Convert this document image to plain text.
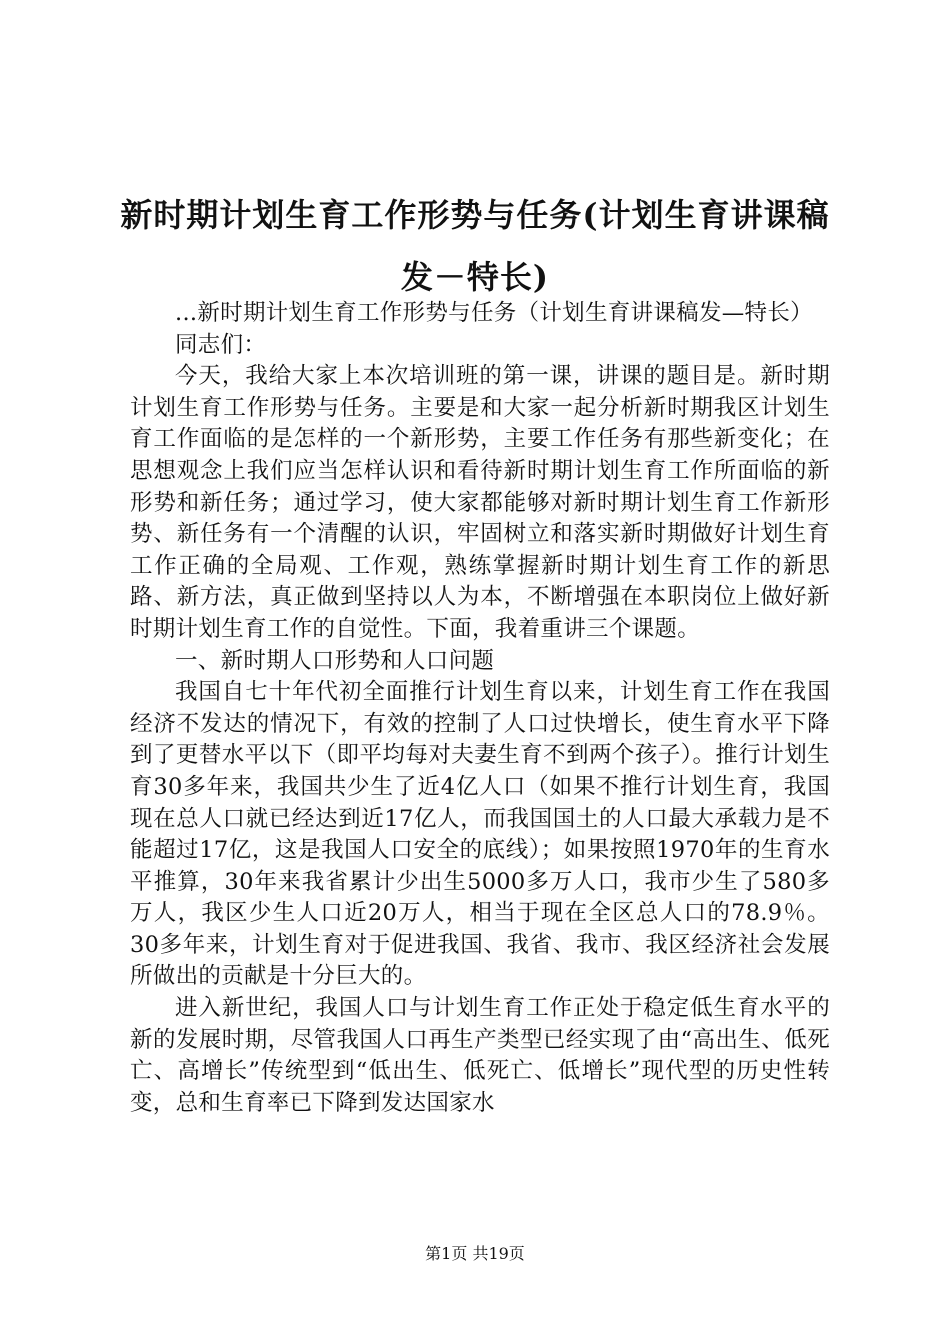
新时期计划生育工作形势与任务(计划生育讲课稿发－特长)

...新时期计划生育工作形势与任务（计划生育讲课稿发—特长）

同志们：

今天，我给大家上本次培训班的第一课，讲课的题目是。新时期计划生育工作形势与任务。主要是和大家一起分析新时期我区计划生育工作面临的是怎样的一个新形势，主要工作任务有那些新变化；在思想观念上我们应当怎样认识和看待新时期计划生育工作所面临的新形势和新任务；通过学习，使大家都能够对新时期计划生育工作新形势、新任务有一个清醒的认识，牢固树立和落实新时期做好计划生育工作正确的全局观、工作观，熟练掌握新时期计划生育工作的新思路、新方法，真正做到坚持以人为本，不断增强在本职岗位上做好新时期计划生育工作的自觉性。下面，我着重讲三个课题。

一、新时期人口形势和人口问题

我国自七十年代初全面推行计划生育以来，计划生育工作在我国经济不发达的情况下，有效的控制了人口过快增长，使生育水平下降到了更替水平以下（即平均每对夫妻生育不到两个孩子）。推行计划生育30多年来，我国共少生了近4亿人口（如果不推行计划生育，我国现在总人口就已经达到近17亿人，而我国国土的人口最大承载力是不能超过17亿，这是我国人口安全的底线）；如果按照1970年的生育水平推算，30年来我省累计少出生5000多万人口，我市少生了580多万人，我区少生人口近20万人，相当于现在全区总人口的78.9％。30多年来，计划生育对于促进我国、我省、我市、我区经济社会发展所做出的贡献是十分巨大的。

进入新世纪，我国人口与计划生育工作正处于稳定低生育水平的新的发展时期，尽管我国人口再生产类型已经实现了由“高出生、低死亡、高增长”传统型到“低出生、低死亡、低增长”现代型的历史性转变，总和生育率已下降到发达国家水

第1页 共19页
